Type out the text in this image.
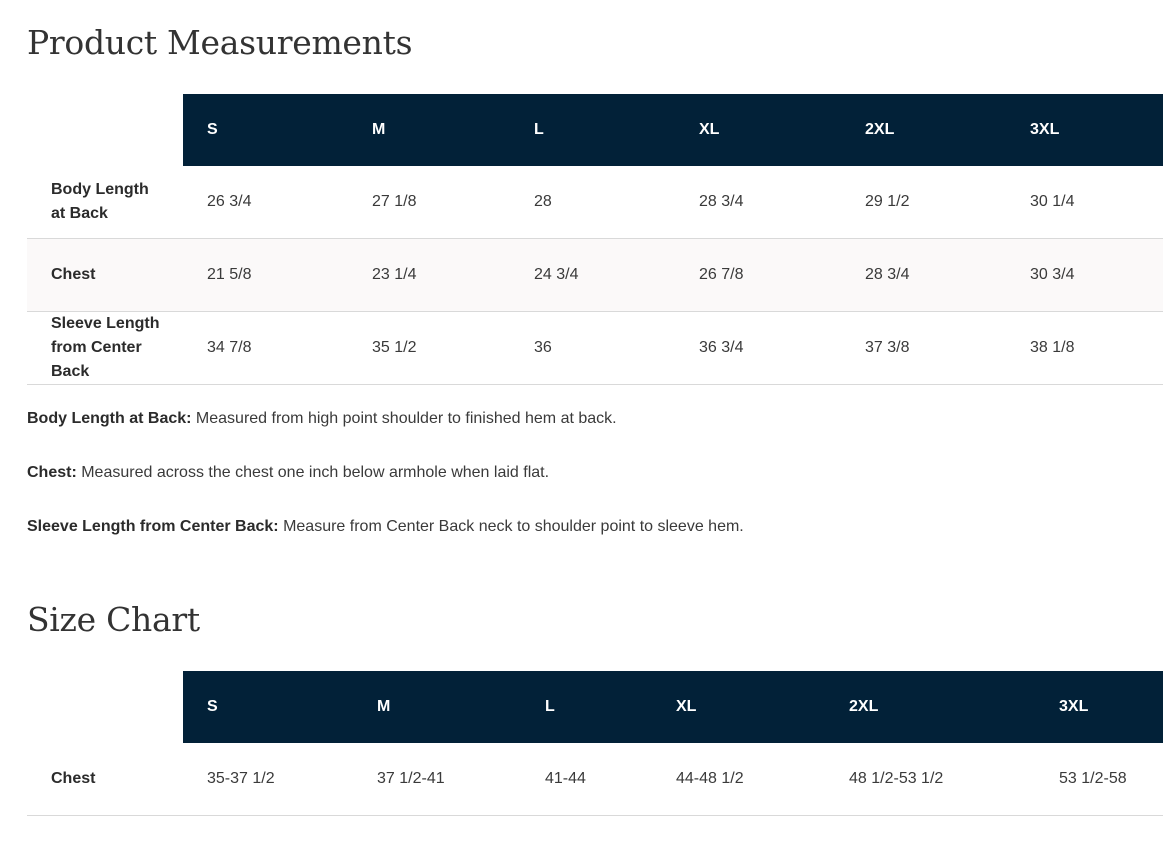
Product Measurements
	S	M	L	XL	2XL	3XL
Body Length at Back	26 3/4	27 1/8	28	28 3/4	29 1/2	30 1/4
Chest	21 5/8	23 1/4	24 3/4	26 7/8	28 3/4	30 3/4
Sleeve Length from Center Back	34 7/8	35 1/2	36	36 3/4	37 3/8	38 1/8

Body Length at Back: Measured from high point shoulder to finished hem at back.

Chest: Measured across the chest one inch below armhole when laid flat.

Sleeve Length from Center Back: Measure from Center Back neck to shoulder point to sleeve hem.

Size Chart
	S	M	L	XL	2XL	3XL
Chest	35-37 1/2	37 1/2-41	41-44	44-48 1/2	48 1/2-53 1/2	53 1/2-58
